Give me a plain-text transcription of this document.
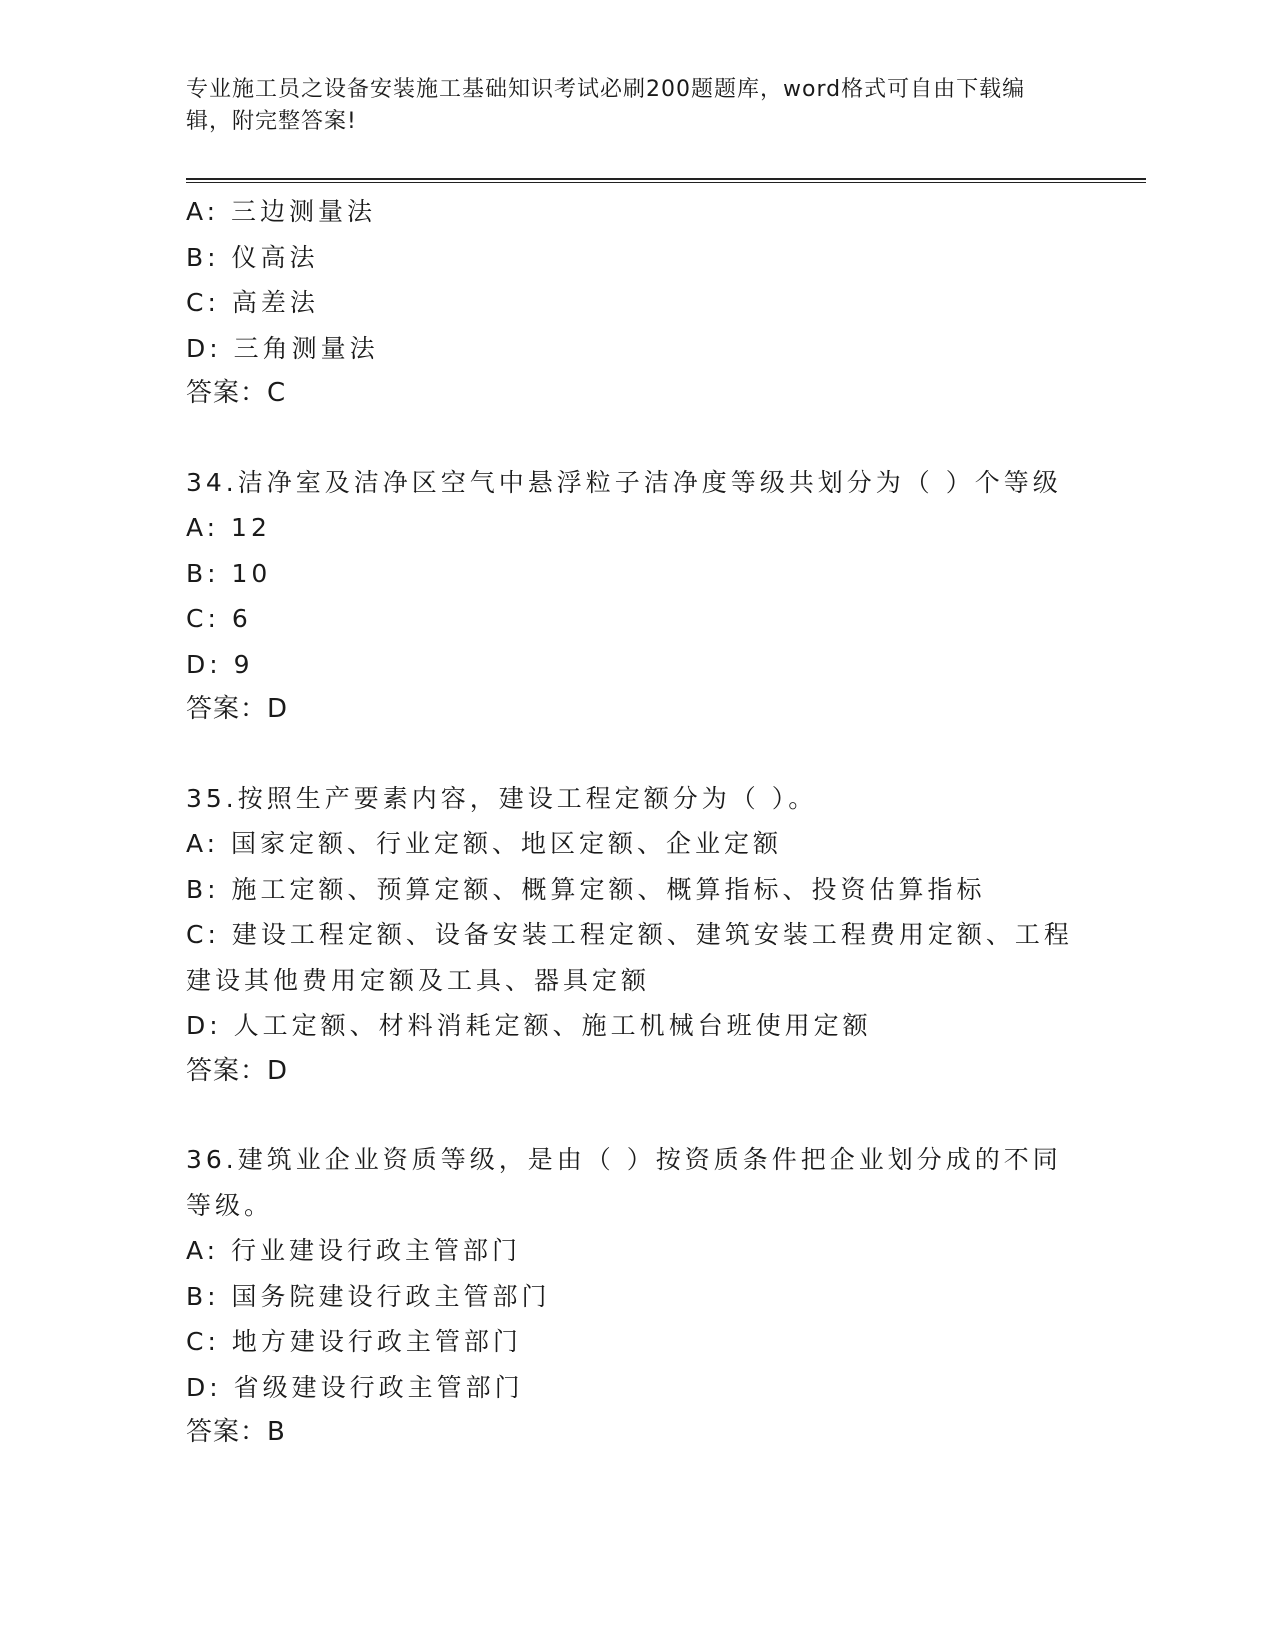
专业施工员之设备安装施工基础知识考试必刷200题题库，word格式可自由下载编辑，附完整答案!
A: 三边测量法
B: 仪高法
C: 高差法
D: 三角测量法
答案：C
34.洁净室及洁净区空气中悬浮粒子洁净度等级共划分为（ ）个等级
A: 12
B: 10
C: 6
D: 9
答案：D
35.按照生产要素内容，建设工程定额分为（ ）。
A: 国家定额、行业定额、地区定额、企业定额
B: 施工定额、预算定额、概算定额、概算指标、投资估算指标
C: 建设工程定额、设备安装工程定额、建筑安装工程费用定额、工程建设其他费用定额及工具、器具定额
D: 人工定额、材料消耗定额、施工机械台班使用定额
答案：D
36.建筑业企业资质等级，是由（ ）按资质条件把企业划分成的不同等级。
A: 行业建设行政主管部门
B: 国务院建设行政主管部门
C: 地方建设行政主管部门
D: 省级建设行政主管部门
答案：B
